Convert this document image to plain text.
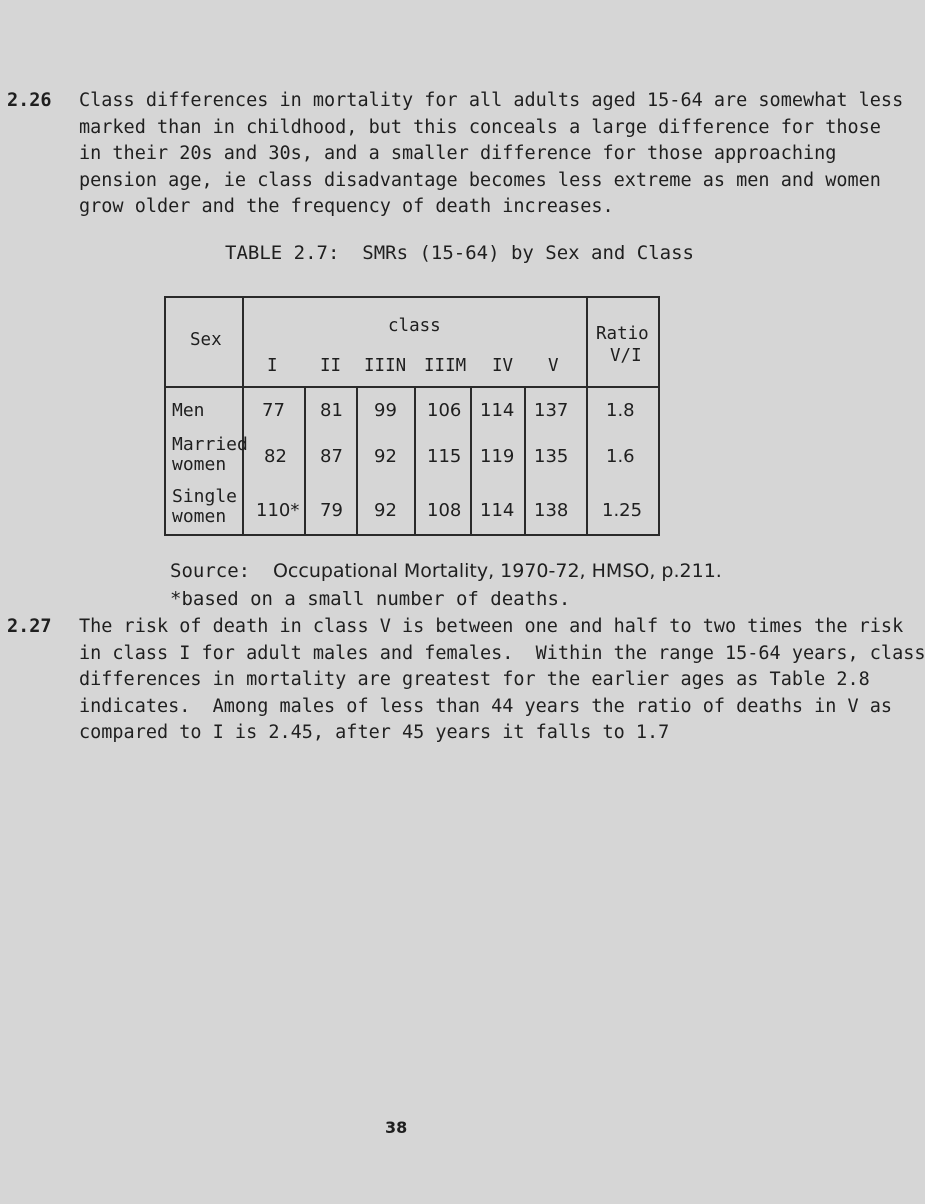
2.26 Class differences in mortality for all adults aged 15-64 are somewhat less
marked than in childhood, but this conceals a large difference for those
in their 20s and 30s, and a smaller difference for those approaching
pension age, ie class disadvantage becomes less extreme as men and women
grow older and the frequency of death increases.
TABLE 2.7:  SMRs (15-64) by Sex and Class
Sex
class	Ratio
V/I
I II IIIN IIIM IV V
Men	77 81 99 106 114 137 1.8
Married
women 82 87 92 115 119 135 1.6
Single
women 110* 79 92 108 114 138 1.25
Source: Occupational Mortality, 1970-72, HMSO, p.211.
*based on a small number of deaths.
2.27 The risk of death in class V is between one and half to two times the risk
in class I for adult males and females.  Within the range 15-64 years, class
differences in mortality are greatest for the earlier ages as Table 2.8
indicates.  Among males of less than 44 years the ratio of deaths in V as
compared to I is 2.45, after 45 years it falls to 1.7
38
